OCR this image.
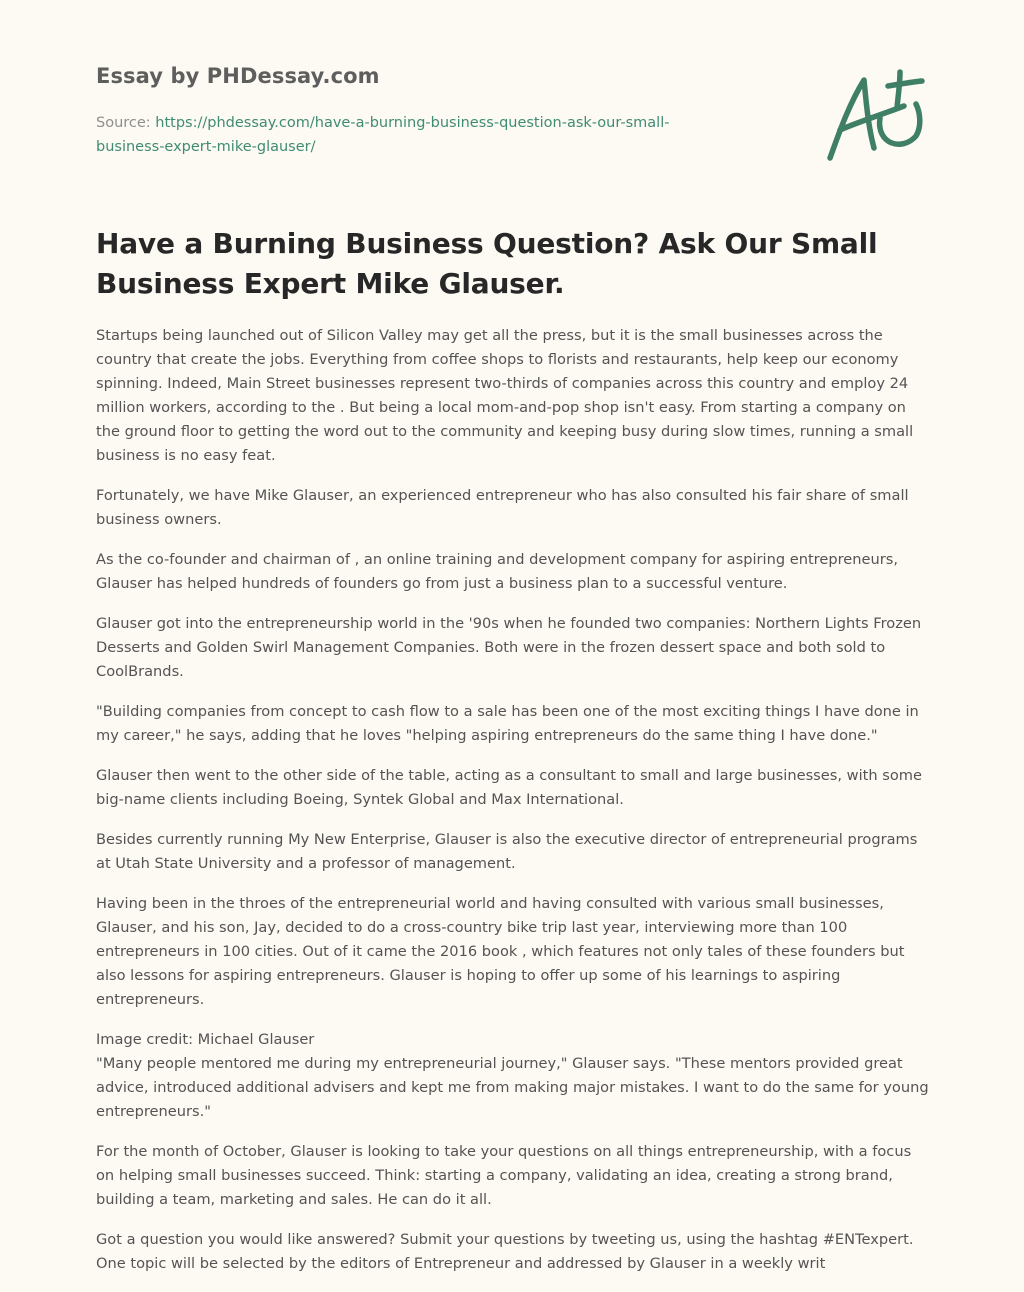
Essay by PHDessay.com
Source: https://phdessay.com/have-a-burning-business-question-ask-our-small-
business-expert-mike-glauser/
Have a Burning Business Question? Ask Our Small Business Expert Mike Glauser.

Startups being launched out of Silicon Valley may get all the press, but it is the small businesses across the country that create the jobs. Everything from coffee shops to florists and restaurants, help keep our economy spinning. Indeed, Main Street businesses represent two-thirds of companies across this country and employ 24 million workers, according to the . But being a local mom-and-pop shop isn't easy. From starting a company on the ground floor to getting the word out to the community and keeping busy during slow times, running a small business is no easy feat.

Fortunately, we have Mike Glauser, an experienced entrepreneur who has also consulted his fair share of small business owners.

As the co-founder and chairman of , an online training and development company for aspiring entrepreneurs, Glauser has helped hundreds of founders go from just a business plan to a successful venture.

Glauser got into the entrepreneurship world in the '90s when he founded two companies: Northern Lights Frozen Desserts and Golden Swirl Management Companies. Both were in the frozen dessert space and both sold to CoolBrands.

"Building companies from concept to cash flow to a sale has been one of the most exciting things I have done in my career," he says, adding that he loves "helping aspiring entrepreneurs do the same thing I have done."

Glauser then went to the other side of the table, acting as a consultant to small and large businesses, with some big-name clients including Boeing, Syntek Global and Max International.

Besides currently running My New Enterprise, Glauser is also the executive director of entrepreneurial programs at Utah State University and a professor of management.

Having been in the throes of the entrepreneurial world and having consulted with various small businesses, Glauser, and his son, Jay, decided to do a cross-country bike trip last year, interviewing more than 100 entrepreneurs in 100 cities. Out of it came the 2016 book , which features not only tales of these founders but also lessons for aspiring entrepreneurs. Glauser is hoping to offer up some of his learnings to aspiring entrepreneurs.

Image credit: Michael Glauser

"Many people mentored me during my entrepreneurial journey," Glauser says. "These mentors provided great advice, introduced additional advisers and kept me from making major mistakes. I want to do the same for young entrepreneurs."

For the month of October, Glauser is looking to take your questions on all things entrepreneurship, with a focus on helping small businesses succeed. Think: starting a company, validating an idea, creating a strong brand, building a team, marketing and sales. He can do it all.

Got a question you would like answered? Submit your questions by tweeting us, using the hashtag #ENTexpert. One topic will be selected by the editors of Entrepreneur and addressed by Glauser in a weekly writ
